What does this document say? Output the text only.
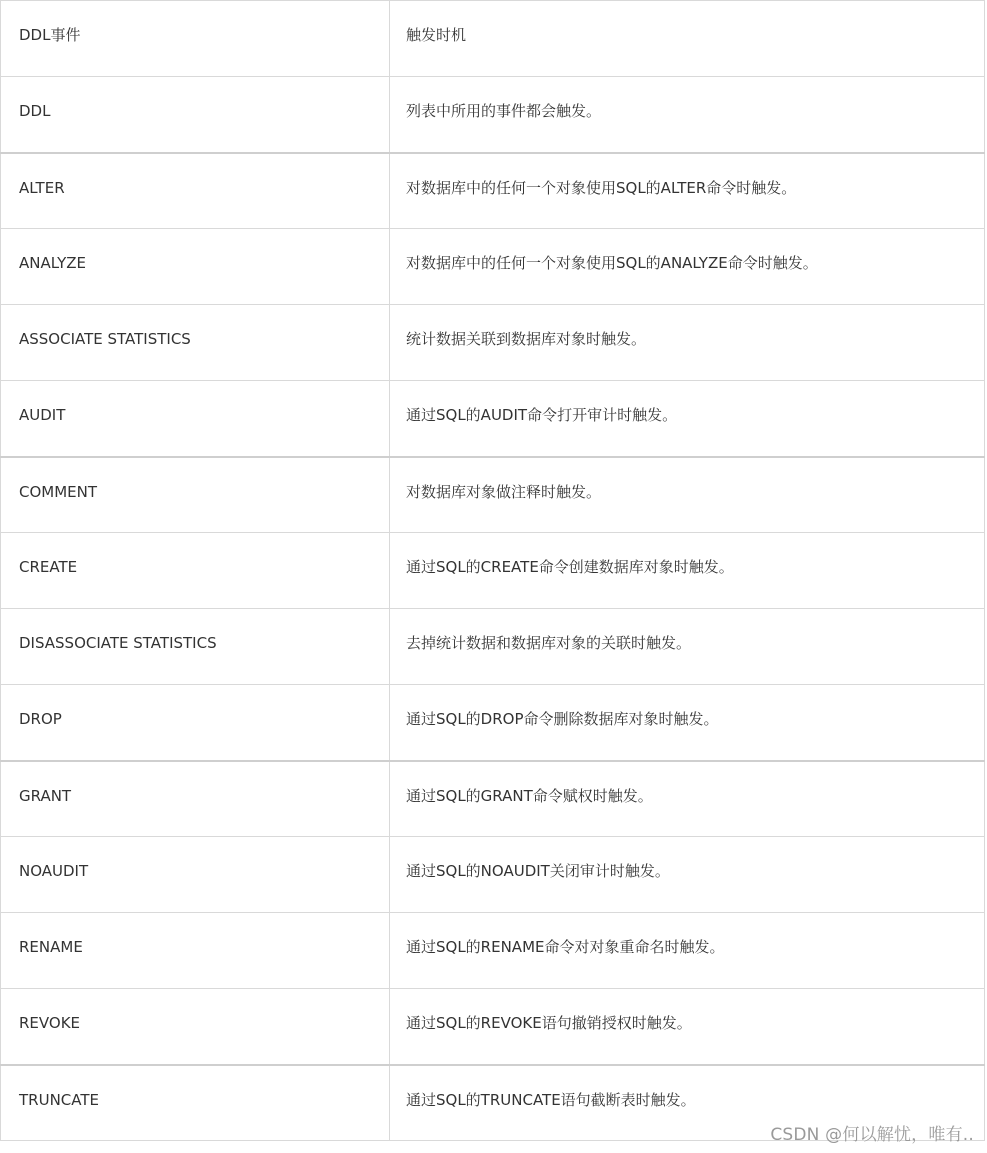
DDL事件	触发时机
DDL	列表中所用的事件都会触发。
ALTER	对数据库中的任何一个对象使用SQL的ALTER命令时触发。
ANALYZE	对数据库中的任何一个对象使用SQL的ANALYZE命令时触发。
ASSOCIATE STATISTICS	统计数据关联到数据库对象时触发。
AUDIT	通过SQL的AUDIT命令打开审计时触发。
COMMENT	对数据库对象做注释时触发。
CREATE	通过SQL的CREATE命令创建数据库对象时触发。
DISASSOCIATE STATISTICS	去掉统计数据和数据库对象的关联时触发。
DROP	通过SQL的DROP命令删除数据库对象时触发。
GRANT	通过SQL的GRANT命令赋权时触发。
NOAUDIT	通过SQL的NOAUDIT关闭审计时触发。
RENAME	通过SQL的RENAME命令对对象重命名时触发。
REVOKE	通过SQL的REVOKE语句撤销授权时触发。
TRUNCATE	通过SQL的TRUNCATE语句截断表时触发。
CSDN @何以解忧，唯有..
